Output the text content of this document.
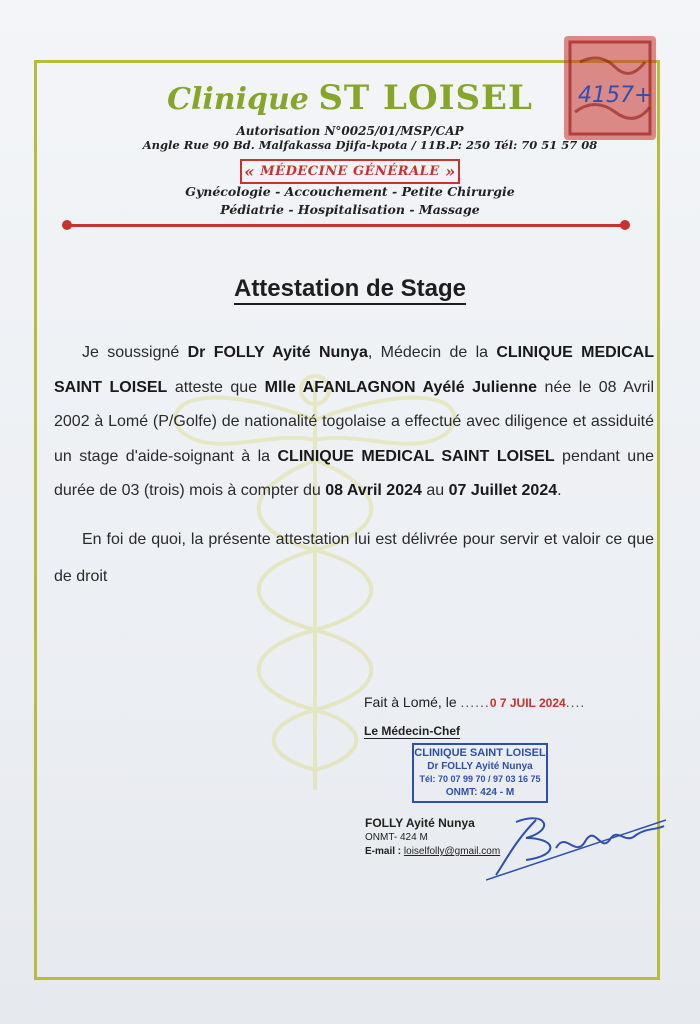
4157+
Clinique ST LOISEL
Autorisation N°0025/01/MSP/CAP
Angle Rue 90 Bd. Malfakassa Djifa-kpota / 11B.P: 250 Tél: 70 51 57 08
« MÉDECINE GÉNÉRALE »
Gynécologie - Accouchement - Petite Chirurgie
Pédiatrie - Hospitalisation - Massage
Attestation de Stage

Je soussigné Dr FOLLY Ayité Nunya, Médecin de la CLINIQUE MEDICAL SAINT LOISEL atteste que Mlle AFANLAGNON Ayélé Julienne née le 08 Avril 2002 à Lomé (P/Golfe) de nationalité togolaise a effectué avec diligence et assiduité un stage d'aide-soignant à la CLINIQUE MEDICAL SAINT LOISEL pendant une durée de 03 (trois) mois à compter du 08 Avril 2024 au 07 Juillet 2024.

En foi de quoi, la présente attestation lui est délivrée pour servir et valoir ce que de droit

Fait à Lomé, le ......0 7 JUIL 2024....
Le Médecin-Chef
CLINIQUE SAINT LOISEL
Dr FOLLY Ayité Nunya
Tél: 70 07 99 70 / 97 03 16 75
ONMT: 424 - M
FOLLY Ayité Nunya
ONMT- 424 M
E-mail : loiselfolly@gmail.com
